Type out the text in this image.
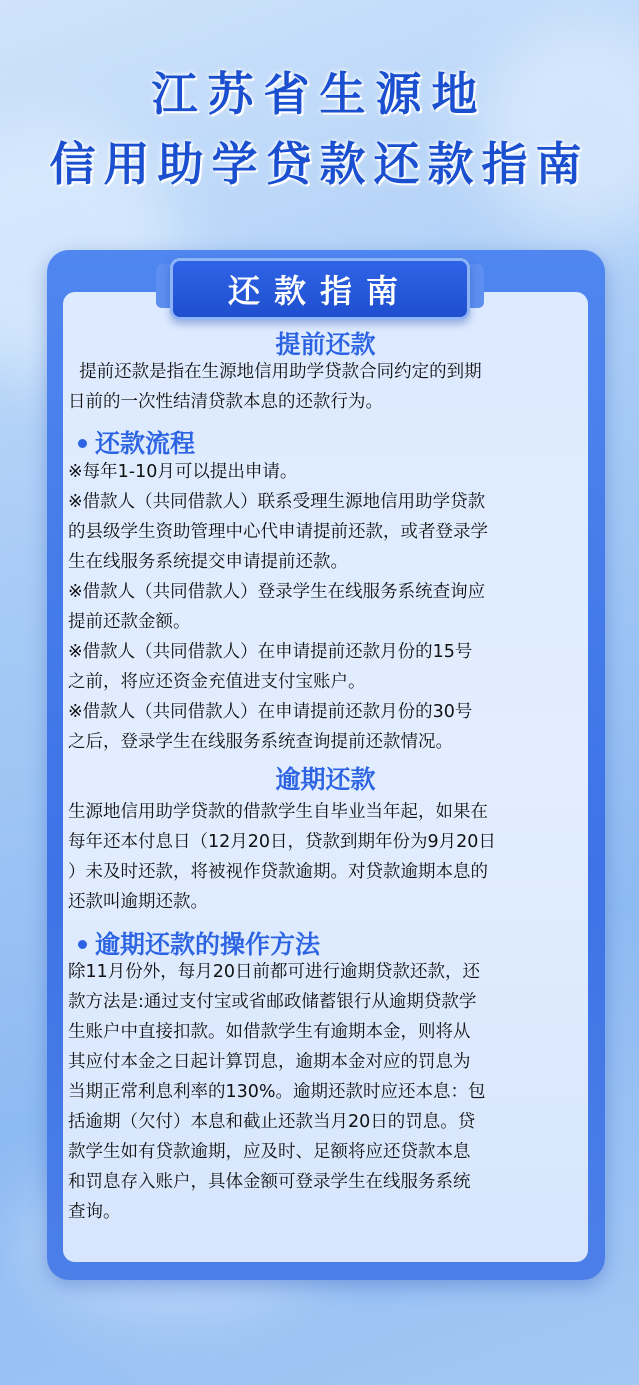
江苏省生源地
信用助学贷款还款指南
还款指南
提前还款
提前还款是指在生源地信用助学贷款合同约定的到期
日前的一次性结清贷款本息的还款行为。
还款流程
※每年1-10月可以提出申请。
※借款人（共同借款人）联系受理生源地信用助学贷款
的县级学生资助管理中心代申请提前还款，或者登录学
生在线服务系统提交申请提前还款。
※借款人（共同借款人）登录学生在线服务系统查询应
提前还款金额。
※借款人（共同借款人）在申请提前还款月份的15号
之前，将应还资金充值进支付宝账户。
※借款人（共同借款人）在申请提前还款月份的30号
之后，登录学生在线服务系统查询提前还款情况。
逾期还款
生源地信用助学贷款的借款学生自毕业当年起，如果在
每年还本付息日（12月20日，贷款到期年份为9月20日
）未及时还款，将被视作贷款逾期。对贷款逾期本息的
还款叫逾期还款。
逾期还款的操作方法
除11月份外，每月20日前都可进行逾期贷款还款，还
款方法是:通过支付宝或省邮政储蓄银行从逾期贷款学
生账户中直接扣款。如借款学生有逾期本金，则将从
其应付本金之日起计算罚息，逾期本金对应的罚息为
当期正常利息利率的130%。逾期还款时应还本息：包
括逾期（欠付）本息和截止还款当月20日的罚息。贷
款学生如有贷款逾期，应及时、足额将应还贷款本息
和罚息存入账户，具体金额可登录学生在线服务系统
查询。
